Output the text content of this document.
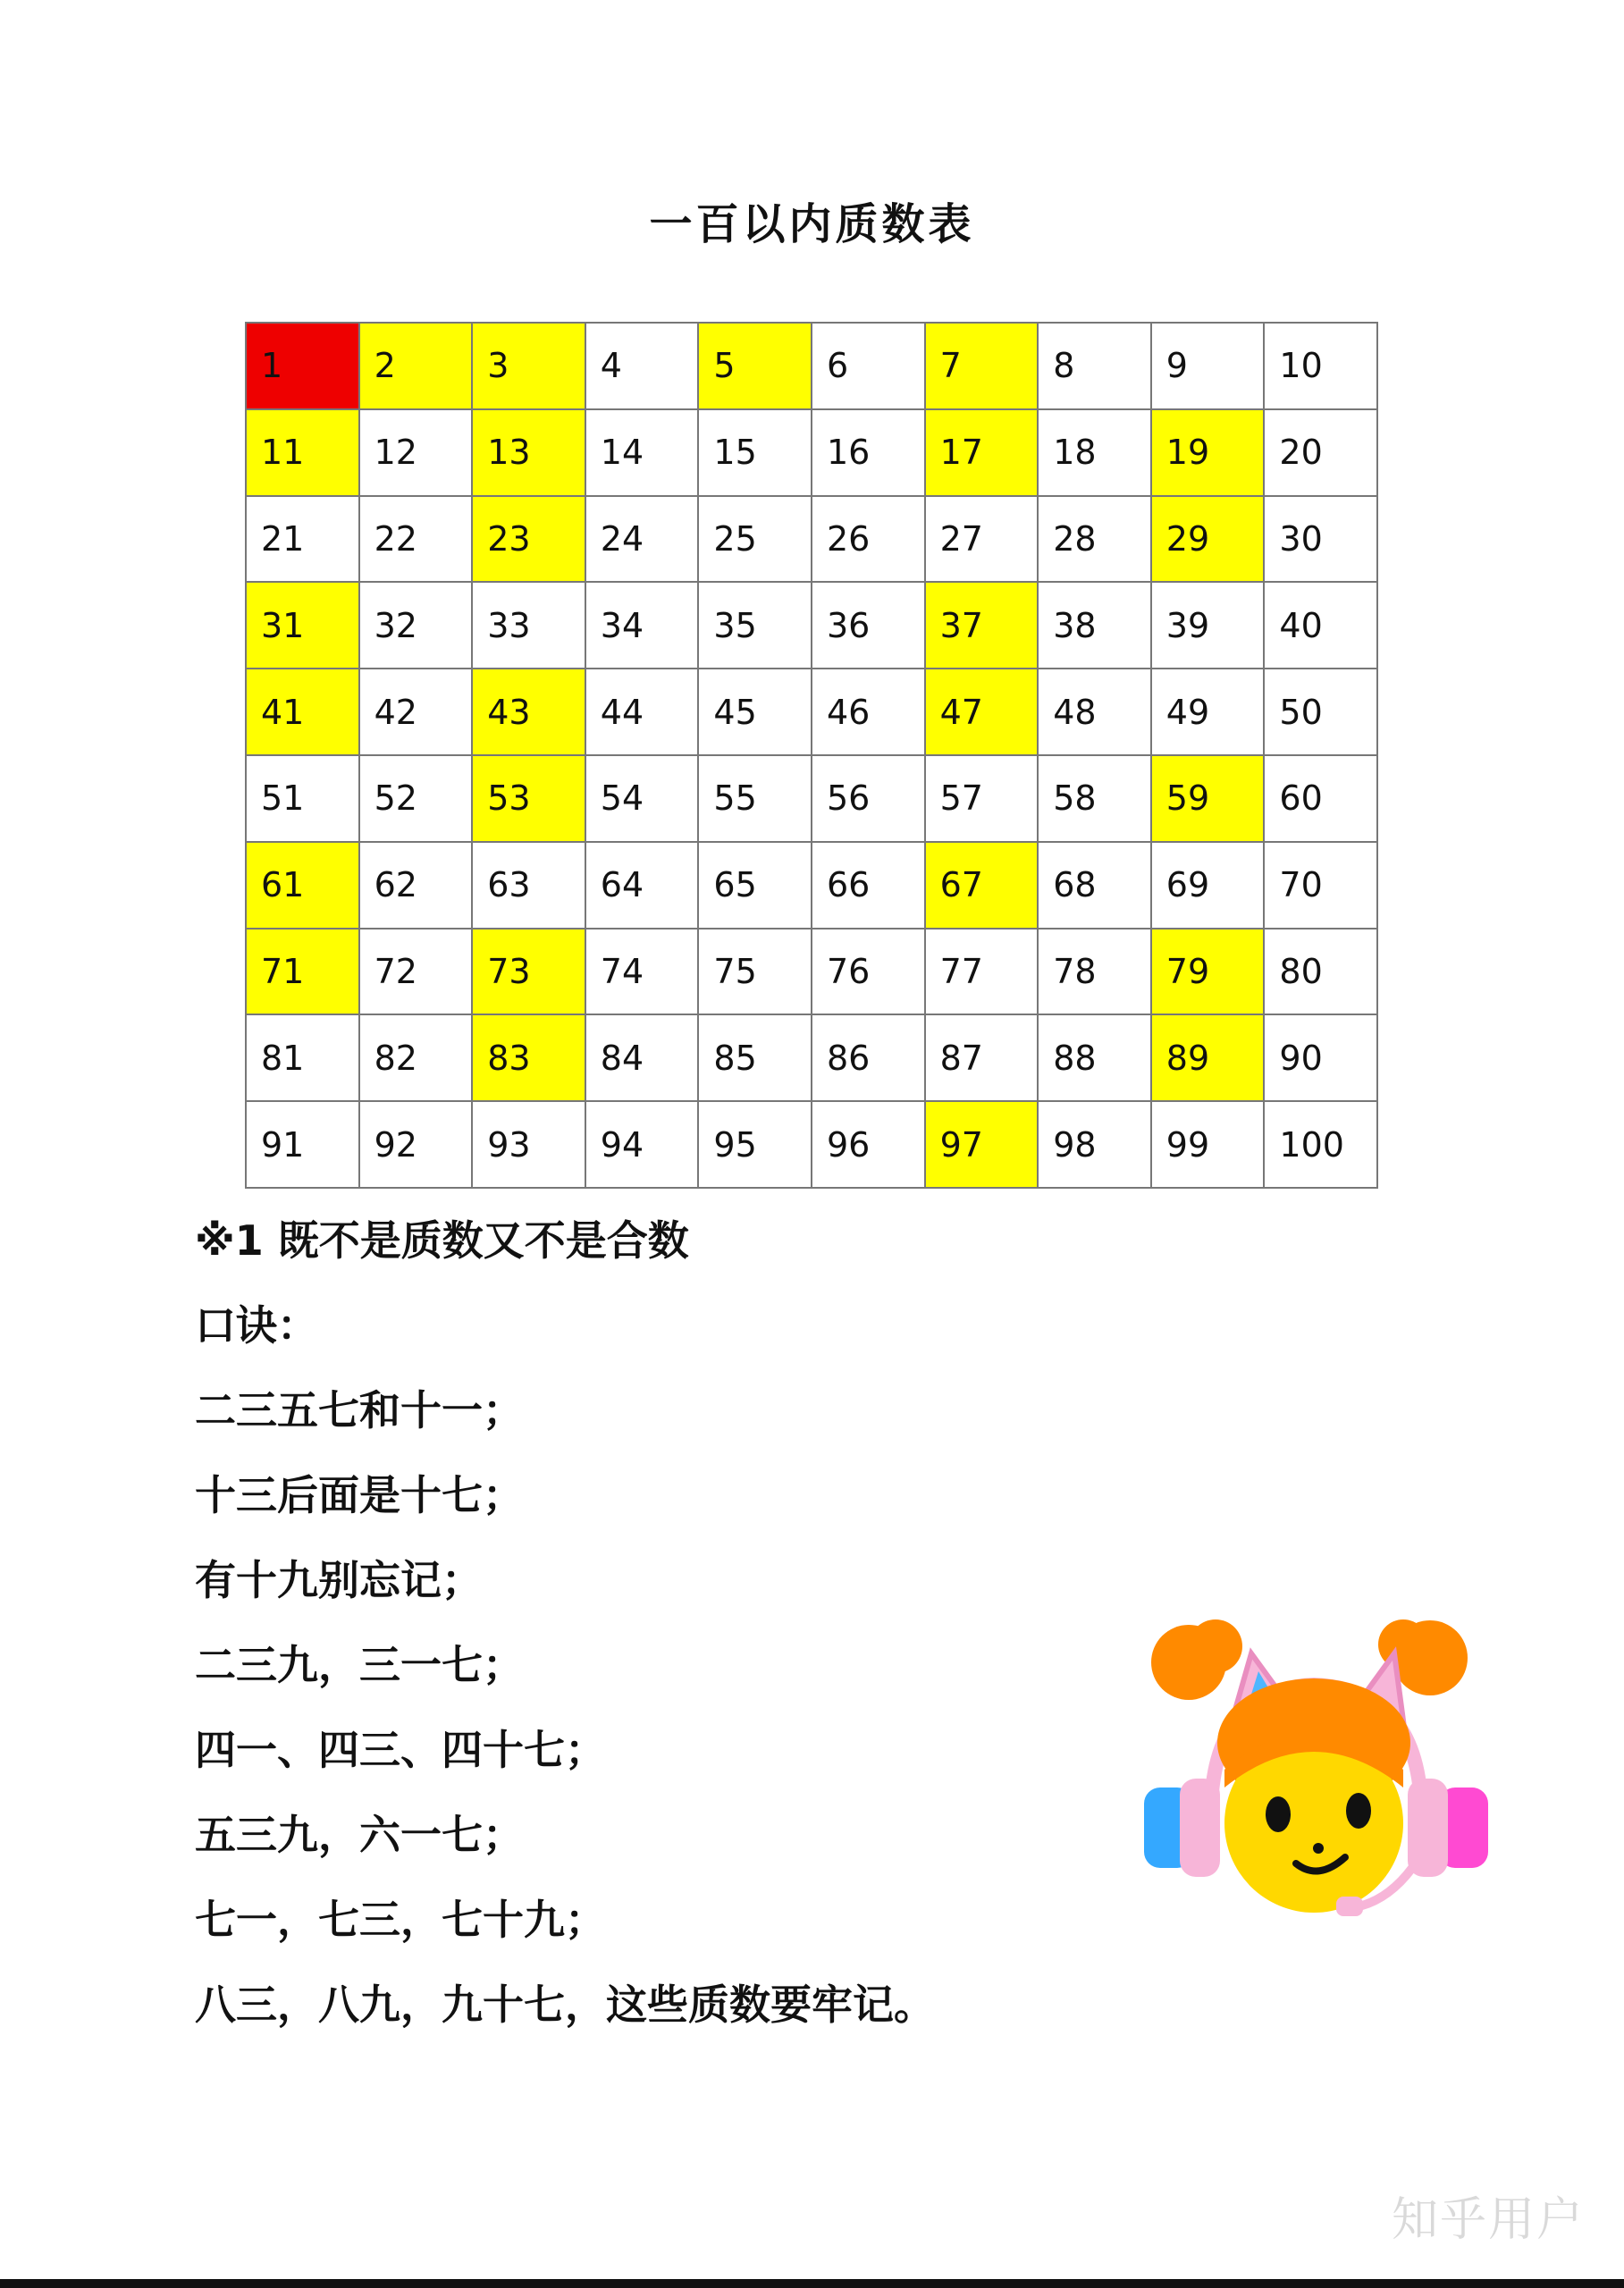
一百以内质数表
1	2	3	4	5	6	7	8	9	10
11	12	13	14	15	16	17	18	19	20
21	22	23	24	25	26	27	28	29	30
31	32	33	34	35	36	37	38	39	40
41	42	43	44	45	46	47	48	49	50
51	52	53	54	55	56	57	58	59	60
61	62	63	64	65	66	67	68	69	70
71	72	73	74	75	76	77	78	79	80
81	82	83	84	85	86	87	88	89	90
91	92	93	94	95	96	97	98	99	100
※1 既不是质数又不是合数
口诀：
二三五七和十一；
十三后面是十七；
有十九别忘记；
二三九，三一七；
四一、四三、四十七；
五三九，六一七；
七一，七三，七十九；
八三，八九，九十七，这些质数要牢记。
知乎用户
